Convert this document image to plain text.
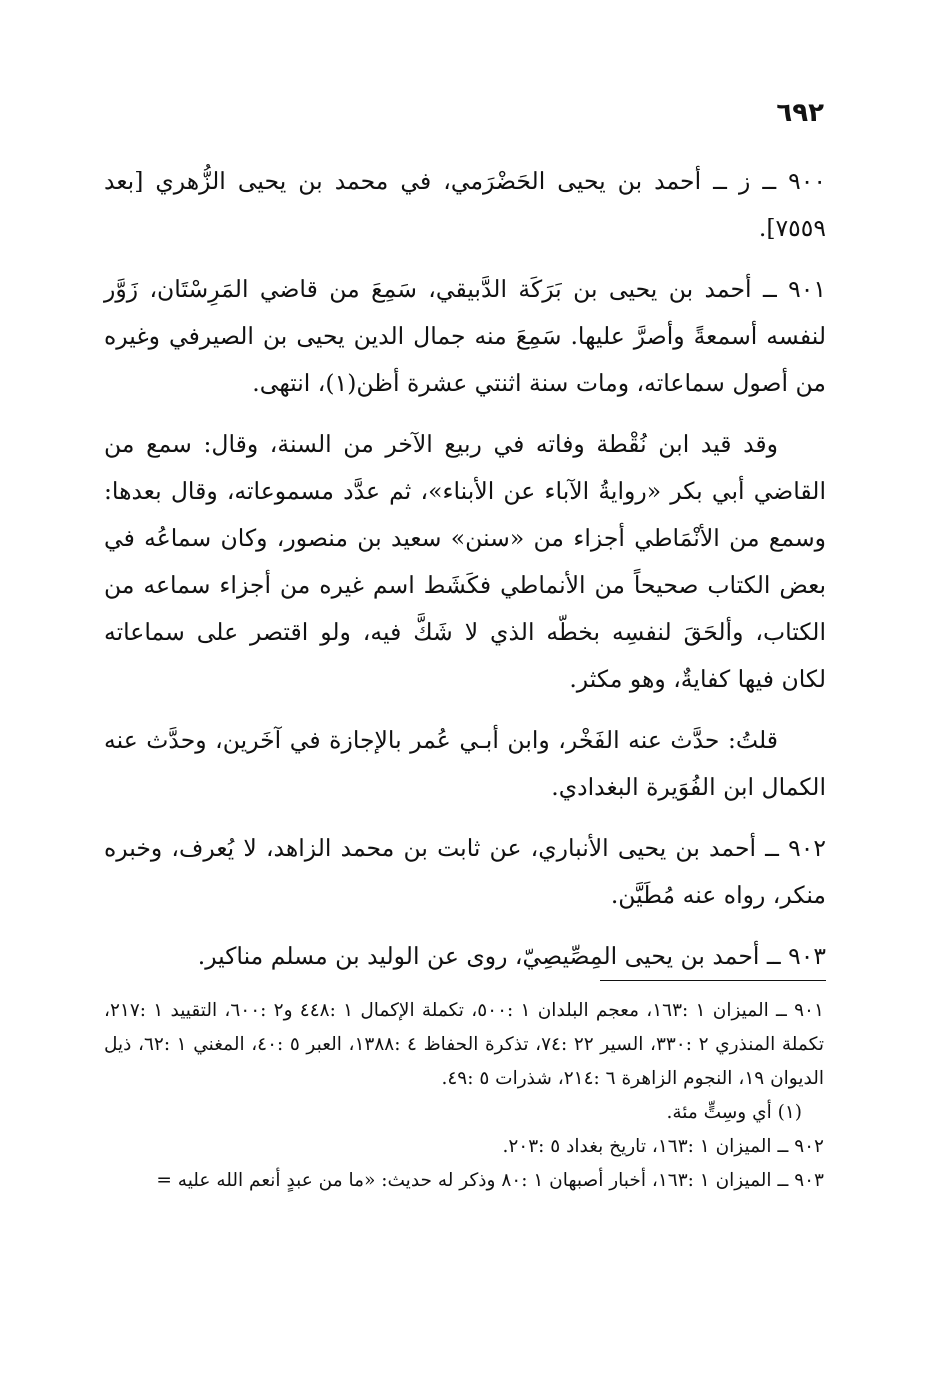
٦٩٢

٩٠٠ ــ ز ــ أحمد بن يحيى الحَضْرَمي، في محمد بن يحيى الزُّهري [بعد ٧٥٥٩].

٩٠١ ــ أحمد بن يحيى بن بَرَكَة الدَّبيقي، سَمِعَ من قاضي المَرِسْتَان، زَوَّر لنفسه أسمعةً وأصرَّ عليها. سَمِعَ منه جمال الدين يحيى بن الصيرفي وغيره من أصول سماعاته، ومات سنة اثنتي عشرة أظن(١)، انتهى.

وقد قيد ابن نُقْطة وفاته في ربيع الآخر من السنة، وقال: سمع من القاضي أبي بكر «روايةُ الآباء عن الأبناء»، ثم عدَّد مسموعاته، وقال بعدها: وسمع من الأنْمَاطي أجزاء من «سنن» سعيد بن منصور، وكان سماعُه في بعض الكتاب صحيحاً من الأنماطي فكَشَط اسم غيره من أجزاء سماعه من الكتاب، وألحَقَ لنفسِه بخطّه الذي لا شَكَّ فيه، ولو اقتصر على سماعاته لكان فيها كفايةٌ، وهو مكثر.

قلتُ: حدَّث عنه الفَخْر، وابن أبـي عُمر بالإجازة في آخَرين، وحدَّث عنه الكمال ابن الفُوَيرة البغدادي.

٩٠٢ ــ أحمد بن يحيى الأنباري، عن ثابت بن محمد الزاهد، لا يُعرف، وخبره منكر، رواه عنه مُطَيَّن.

٩٠٣ ــ أحمد بن يحيى المِصِّيصِيّ، روى عن الوليد بن مسلم مناكير.

٩٠١ ــ الميزان ١ :١٦٣، معجم البلدان ١ :٥٠٠، تكملة الإكمال ١ :٤٤٨ و٢ :٦٠٠، التقييد ١ :٢١٧، تكملة المنذري ٢ :٣٣٠، السير ٢٢ :٧٤، تذكرة الحفاظ ٤ :١٣٨٨، العبر ٥ :٤٠، المغني ١ :٦٢، ذيل الديوان ١٩، النجوم الزاهرة ٦ :٢١٤، شذرات ٥ :٤٩.

(١) أي وسِتٍّ مئة.

٩٠٢ ــ الميزان ١ :١٦٣، تاريخ بغداد ٥ :٢٠٣.

٩٠٣ ــ الميزان ١ :١٦٣، أخبار أصبهان ١ :٨٠ وذكر له حديث: «ما من عبدٍ أنعم الله عليه =
